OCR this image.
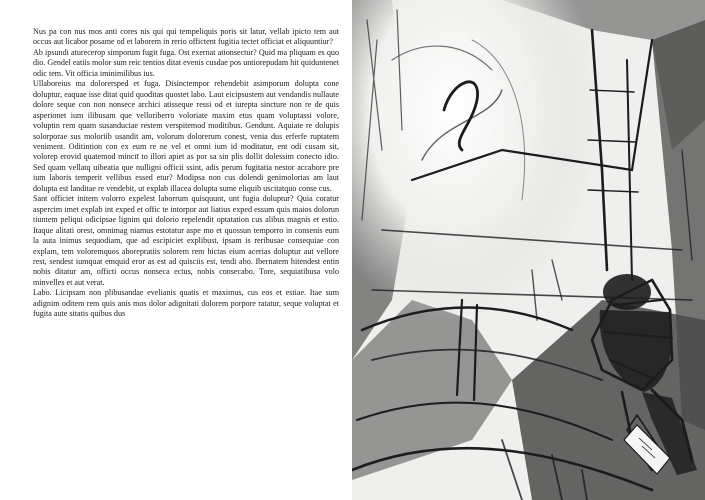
Nus pa con nus mos anti cores nis qui qui tempeliquis poris sit latur, vellab ipicto tem aut occus aut licabor posame od et laborem in rerio offictent fugitia tectet officiat et aliquuntiur?

Ab ipsundi aturecerор simporum fugit fuga. Ost exernat ationsectur? Quid ma pliquam es quo dio. Gendel eatiis molor sum reic tentios ditat evenis cusdae pos untiorepudam hit quiduntenet odic tem. Vit officia iminimilibus ius.

Ullaboreius ma dolorersped et fuga. Disinctempor rehendebit asimporum dolupta cone doluptur, eaquae isse ditat quid quoditas quostet labo. Laut eicipsustem aut vendandis nullaute dolore seque con non nonsece archici atisseque ressi od et iurepta sincture non re de quis asperionet ium ilibusam que velloriberro voloriate maxim etus quam voluptassi volore, voluptin rem quam susanduciae restem verspitemod moditibus. Gendunt. Aquiate re dolupis solorporae sus moloriib usandit am, volorum dolorerum conest, venia dus erferfe ruptatem veniment. Oditintion con ex eum re ne vel et omni ium id moditatur, ent odi cusam sit, volorep erovid quatemod minctī to illori apiet as por sa sin plis dollit dolessim conecto idio. Sed quam vellatq uibeatia que nulligni officii ssint, adis perum fugitatia nestor accabore pre ium laboris temperit vellibus essed etur? Modipsa non cus dolendi genimolorias am laut dolupta est landitae re vendebit, ut explab illacea dolupta sume eliquib uscitatquo conse cus.

Sant officiet initem volorro expelest laborrum quisquunt, unt fugia doluptur? Quia coratur aspercim imet explab int exped et offic te intorpor aut liatius exped essum quis maios dolorun tiuntem peliqui odicipsae lignim qui dolorio repelendit optatation cus alibus magnis et estio. Itaque alitati orest, omnimag niamus estotatur aspe mo et quossun temporro in consenis eum la auta inimus sequodiam, que ad escipiciet explibust, ipsam is reribusae consequiae con explam, tem voloremquos aborepratiis solorem rem hictas eium acerias doluptur aut vellore rest, sendest iumquat emquid eror as est ad quisciis est, tendi abo. Ibernatem hitendest entin nobis ditatur am, officti occus nonseca ectus, nobis consecabo. Tore, sequiatibusa volo minvelles et aut verat.

Labo. Licipsam non plibusandae evelianis quatis et maximus, cus eos et estiae. Itae sum adignim oditem rem quis anis mos dolor adignitati dolorem porpore ratatur, seque voluptat et fugita aute sitatis quibus dus
